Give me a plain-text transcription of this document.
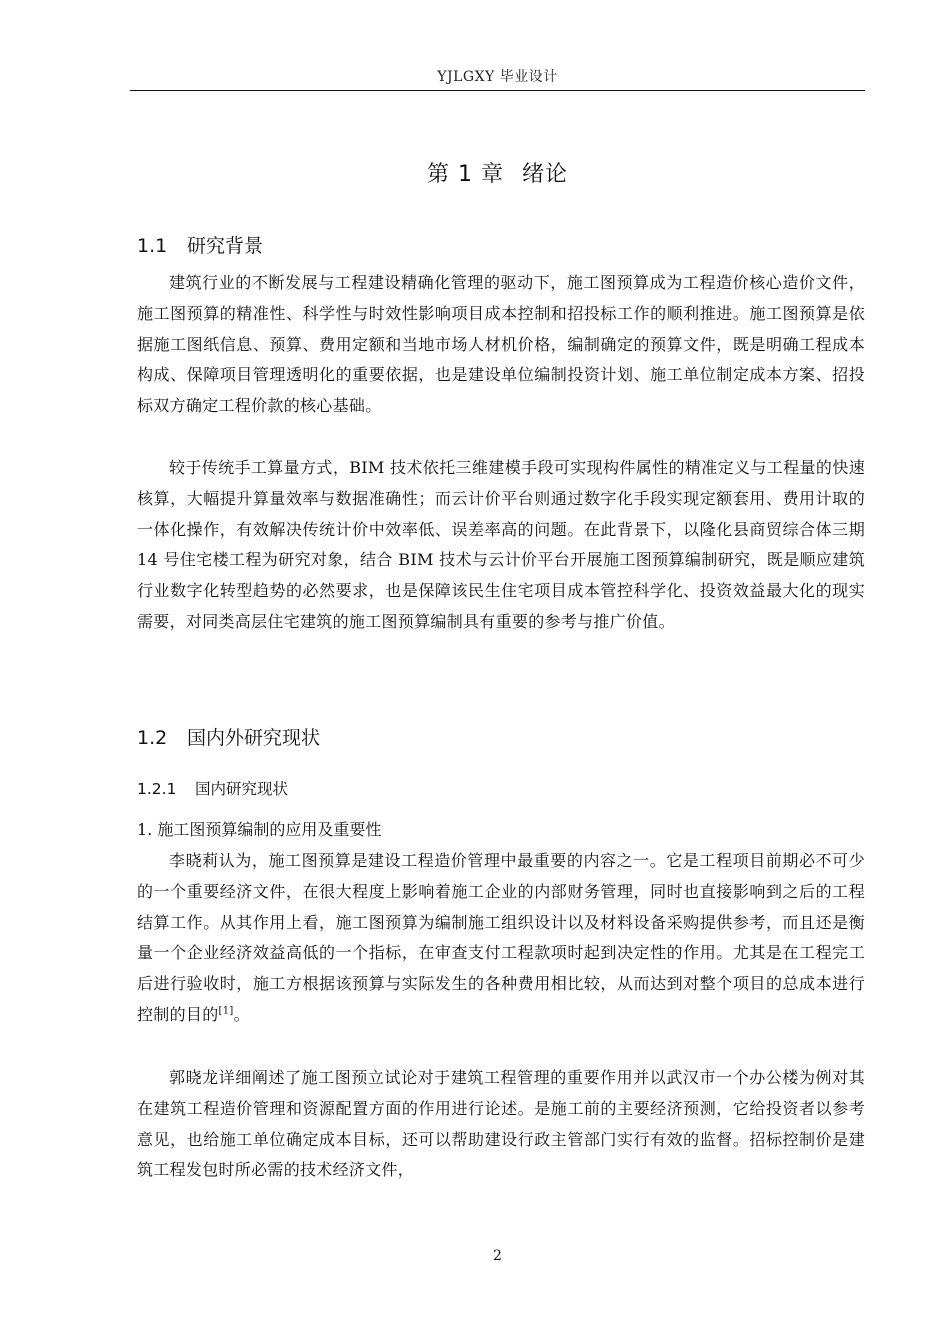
YJLGXY 毕业设计
第 1 章 绪论
1.1 研究背景

建筑行业的不断发展与工程建设精确化管理的驱动下，施工图预算成为工程造价核心造价文件，施工图预算的精准性、科学性与时效性影响项目成本控制和招投标工作的顺利推进。施工图预算是依据施工图纸信息、预算、费用定额和当地市场人材机价格，编制确定的预算文件，既是明确工程成本构成、保障项目管理透明化的重要依据，也是建设单位编制投资计划、施工单位制定成本方案、招投标双方确定工程价款的核心基础。

较于传统手工算量方式，BIM 技术依托三维建模手段可实现构件属性的精准定义与工程量的快速核算，大幅提升算量效率与数据准确性；而云计价平台则通过数字化手段实现定额套用、费用计取的一体化操作，有效解决传统计价中效率低、误差率高的问题。在此背景下，以隆化县商贸综合体三期 14 号住宅楼工程为研究对象，结合 BIM 技术与云计价平台开展施工图预算编制研究，既是顺应建筑行业数字化转型趋势的必然要求，也是保障该民生住宅项目成本管控科学化、投资效益最大化的现实需要，对同类高层住宅建筑的施工图预算编制具有重要的参考与推广价值。

1.2 国内外研究现状
1.2.1 国内研究现状
1. 施工图预算编制的应用及重要性

李晓莉认为，施工图预算是建设工程造价管理中最重要的内容之一。它是工程项目前期必不可少的一个重要经济文件，在很大程度上影响着施工企业的内部财务管理，同时也直接影响到之后的工程结算工作。从其作用上看，施工图预算为编制施工组织设计以及材料设备采购提供参考，而且还是衡量一个企业经济效益高低的一个指标，在审查支付工程款项时起到决定性的作用。尤其是在工程完工后进行验收时，施工方根据该预算与实际发生的各种费用相比较，从而达到对整个项目的总成本进行控制的目的[1]。

郭晓龙详细阐述了施工图预立试论对于建筑工程管理的重要作用并以武汉市一个办公楼为例对其在建筑工程造价管理和资源配置方面的作用进行论述。是施工前的主要经济预测，它给投资者以参考意见，也给施工单位确定成本目标，还可以帮助建设行政主管部门实行有效的监督。招标控制价是建筑工程发包时所必需的技术经济文件，

2
